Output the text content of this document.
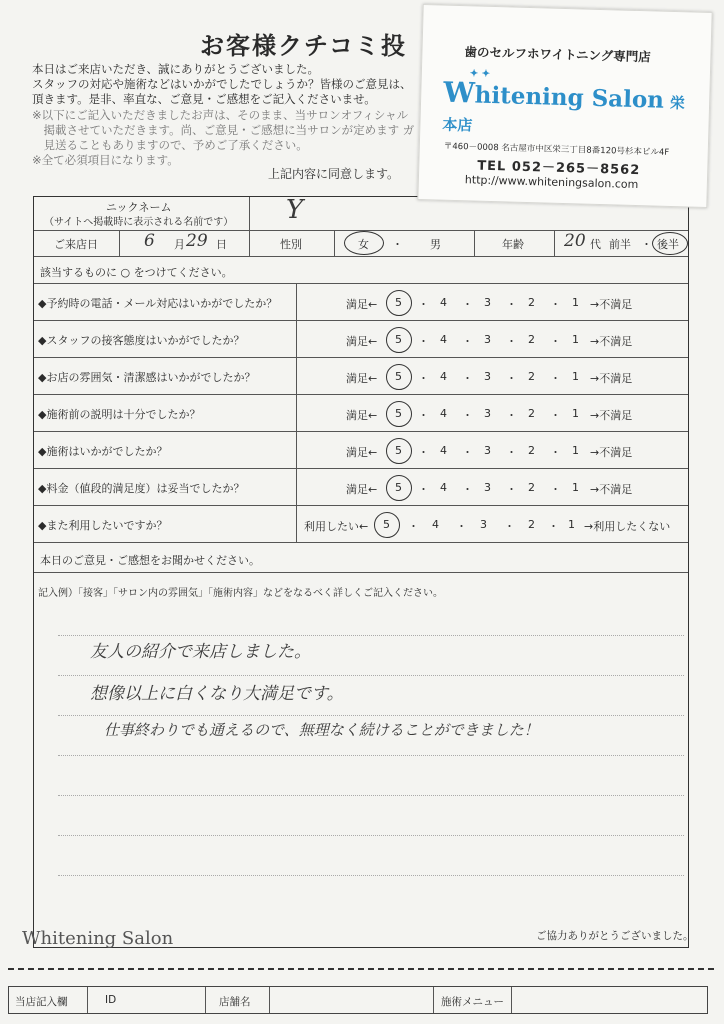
お客様クチコミ投
本日はご来店いただき、誠にありがとうございました。
スタッフの対応や施術などはいかがでしたでしょうか？皆様のご意見は、
頂きます。是非、率直な、ご意見・ご感想をご記入くださいませ。
※以下にご記入いただきましたお声は、そのまま、当サロンオフィシャル
　掲載させていただきます。尚、ご意見・ご感想に当サロンが定めます ガ
　見送ることもありますので、予めご了承ください。
※全て必須項目になります。
上記内容に同意します。
ニックネーム
（サイトへ掲載時に表示される名前です） Y
ご来店日	6 月 29 日	性別	女 ・ 男	年齢 20 代 前半 ・ 後半
該当するものに ○ をつけてください。
◆予約時の電話・メール対応はいかがでしたか？	満足← 5 ・ 4 ・ 3 ・ 2 ・ 1 →不満足
◆スタッフの接客態度はいかがでしたか？	満足← 5 ・ 4 ・ 3 ・ 2 ・ 1 →不満足
◆お店の雰囲気・清潔感はいかがでしたか？	満足← 5 ・ 4 ・ 3 ・ 2 ・ 1 →不満足
◆施術前の説明は十分でしたか？	満足← 5 ・ 4 ・ 3 ・ 2 ・ 1 →不満足
◆施術はいかがでしたか？	満足← 5 ・ 4 ・ 3 ・ 2 ・ 1 →不満足
◆料金（値段的満足度）は妥当でしたか？	満足← 5 ・ 4 ・ 3 ・ 2 ・ 1 →不満足
◆また利用したいですか？	利用したい← 5 ・ 4 ・ 3 ・ 2 ・ 1 →利用したくない
本日のご意見・ご感想をお聞かせください。
記入例）「接客」「サロン内の雰囲気」「施術内容」などをなるべく詳しくご記入ください。
友人の紹介で来店しました。
想像以上に白くなり大満足です。
仕事終わりでも通えるので、無理なく続けることができました！
Whitening Salon	ご協力ありがとうございました。
当店記入欄	ID	店舗名	施術メニュー
歯のセルフホワイトニング専門店
✦ ✦
Whitening Salon 栄本店
〒460－0008 名古屋市中区栄三丁目8番120号杉本ビル4F
TEL 052－265－8562
http://www.whiteningsalon.com
